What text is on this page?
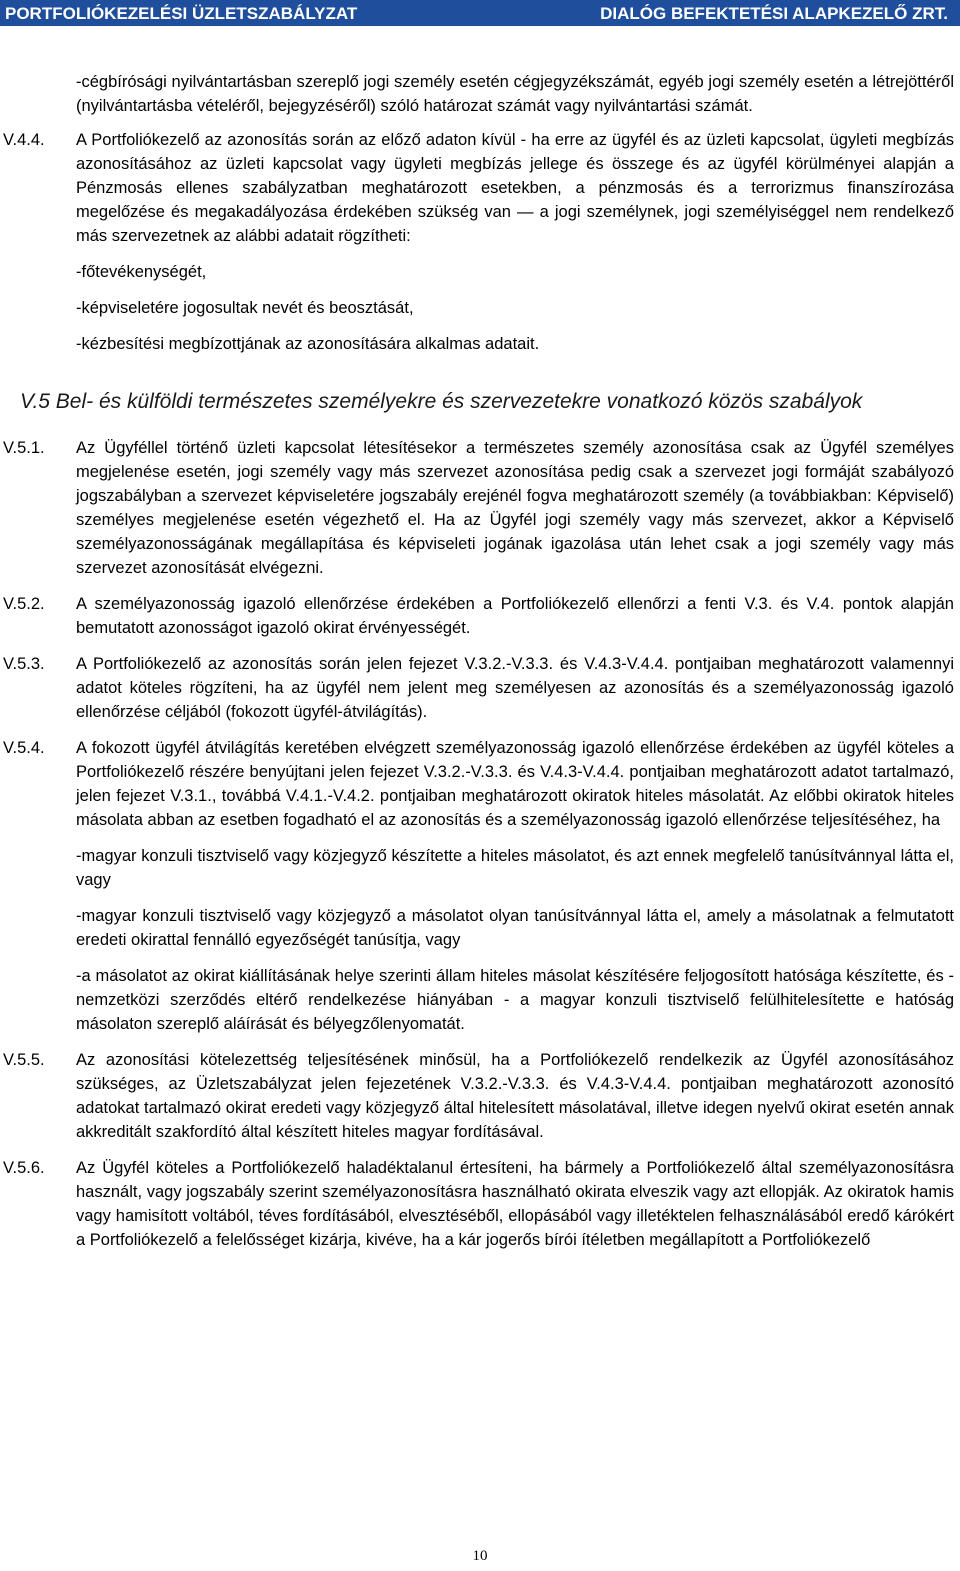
PORTFOLIÓKEZELÉSI ÜZLETSZABÁLYZAT	DIALÓG BEFEKTETÉSI ALAPKEZELŐ ZRT.

-cégbírósági nyilvántartásban szereplő jogi személy esetén cégjegyzékszámát, egyéb jogi személy esetén a létrejöttéről (nyilvántartásba vételéről, bejegyzéséről) szóló határozat számát vagy nyilvántartási számát.

V.4.4.	A Portfoliókezelő az azonosítás során az előző adaton kívül - ha erre az ügyfél és az üzleti kapcsolat, ügyleti megbízás azonosításához az üzleti kapcsolat vagy ügyleti megbízás jellege és összege és az ügyfél körülményei alapján a Pénzmosás ellenes szabályzatban meghatározott esetekben, a pénzmosás és a terrorizmus finanszírozása megelőzése és megakadályozása érdekében szükség van — a jogi személynek, jogi személyiséggel nem rendelkező más szervezetnek az alábbi adatait rögzítheti:

-főtevékenységét,

-képviseletére jogosultak nevét és beosztását,

-kézbesítési megbízottjának az azonosítására alkalmas adatait.

V.5 Bel- és külföldi természetes személyekre és szervezetekre vonatkozó közös szabályok
V.5.1.	Az Ügyféllel történő üzleti kapcsolat létesítésekor a természetes személy azonosítása csak az Ügyfél személyes megjelenése esetén, jogi személy vagy más szervezet azonosítása pedig csak a szervezet jogi formáját szabályozó jogszabályban a szervezet képviseletére jogszabály erejénél fogva meghatározott személy (a továbbiakban: Képviselő) személyes megjelenése esetén végezhető el. Ha az Ügyfél jogi személy vagy más szervezet, akkor a Képviselő személyazonosságának megállapítása és képviseleti jogának igazolása után lehet csak a jogi személy vagy más szervezet azonosítását elvégezni.

V.5.2.	A személyazonosság igazoló ellenőrzése érdekében a Portfoliókezelő ellenőrzi a fenti V.3. és V.4. pontok alapján bemutatott azonosságot igazoló okirat érvényességét.

V.5.3.	A Portfoliókezelő az azonosítás során jelen fejezet V.3.2.-V.3.3. és V.4.3-V.4.4. pontjaiban meghatározott valamennyi adatot köteles rögzíteni, ha az ügyfél nem jelent meg személyesen az azonosítás és a személyazonosság igazoló ellenőrzése céljából (fokozott ügyfél-átvilágítás).

V.5.4.	A fokozott ügyfél átvilágítás keretében elvégzett személyazonosság igazoló ellenőrzése érdekében az ügyfél köteles a Portfoliókezelő részére benyújtani jelen fejezet V.3.2.-V.3.3. és V.4.3-V.4.4. pontjaiban meghatározott adatot tartalmazó, jelen fejezet V.3.1., továbbá V.4.1.-V.4.2. pontjaiban meghatározott okiratok hiteles másolatát. Az előbbi okiratok hiteles másolata abban az esetben fogadható el az azonosítás és a személyazonosság igazoló ellenőrzése teljesítéséhez, ha

-magyar konzuli tisztviselő vagy közjegyző készítette a hiteles másolatot, és azt ennek megfelelő tanúsítvánnyal látta el, vagy

-magyar konzuli tisztviselő vagy közjegyző a másolatot olyan tanúsítvánnyal látta el, amely a másolatnak a felmutatott eredeti okirattal fennálló egyezőségét tanúsítja, vagy

-a másolatot az okirat kiállításának helye szerinti állam hiteles másolat készítésére feljogosított hatósága készítette, és - nemzetközi szerződés eltérő rendelkezése hiányában - a magyar konzuli tisztviselő felülhitelesítette e hatóság másolaton szereplő aláírását és bélyegzőlenyomatát.

V.5.5.	Az azonosítási kötelezettség teljesítésének minősül, ha a Portfoliókezelő rendelkezik az Ügyfél azonosításához szükséges, az Üzletszabályzat jelen fejezetének V.3.2.-V.3.3. és V.4.3-V.4.4. pontjaiban meghatározott azonosító adatokat tartalmazó okirat eredeti vagy közjegyző által hitelesített másolatával, illetve idegen nyelvű okirat esetén annak akkreditált szakfordító által készített hiteles magyar fordításával.

V.5.6.	Az Ügyfél köteles a Portfoliókezelő haladéktalanul értesíteni, ha bármely a Portfoliókezelő által személyazonosításra használt, vagy jogszabály szerint személyazonosításra használható okirata elveszik vagy azt ellopják. Az okiratok hamis vagy hamisított voltából, téves fordításából, elvesztéséből, ellopásából vagy illetéktelen felhasználásából eredő kárókért a Portfoliókezelő a felelősséget kizárja, kivéve, ha a kár jogerős bírói ítéletben megállapított a Portfoliókezelő

10
